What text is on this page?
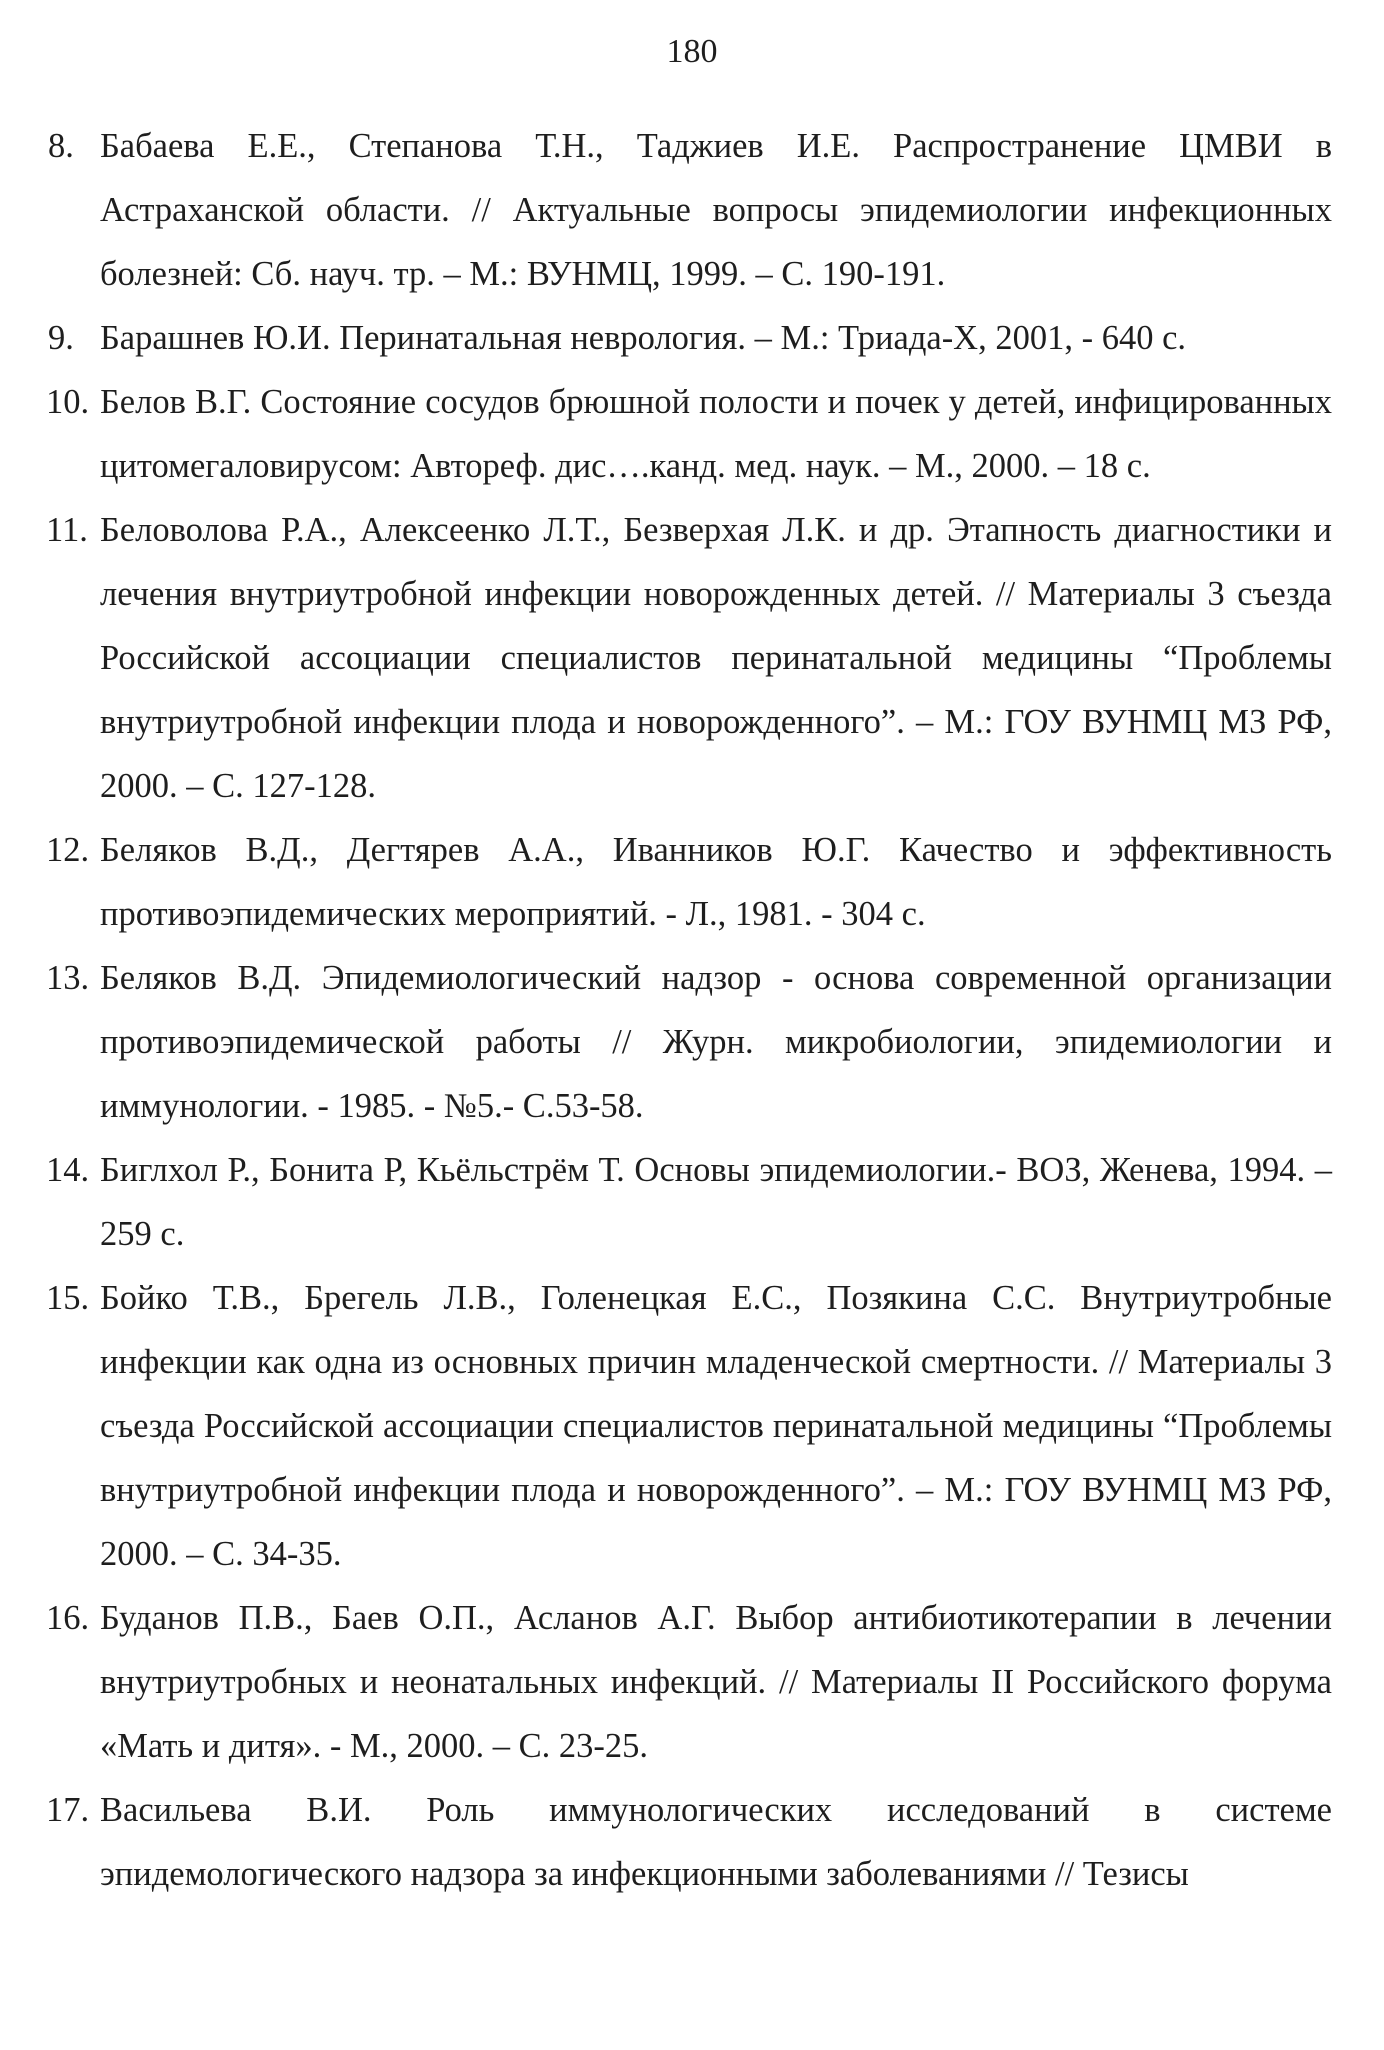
180
8. Бабаева Е.Е., Степанова Т.Н., Таджиев И.Е. Распространение ЦМВИ в Астраханской области. // Актуальные вопросы эпидемиологии инфекционных болезней: Сб. науч. тр. – М.: ВУНМЦ, 1999. – С. 190-191.
9. Барашнев Ю.И. Перинатальная неврология. – М.: Триада-Х, 2001, - 640 с.
10. Белов В.Г. Состояние сосудов брюшной полости и почек у детей, инфицированных цитомегаловирусом: Автореф. дис….канд. мед. наук. – М., 2000. – 18 с.
11. Беловолова Р.А., Алексеенко Л.Т., Безверхая Л.К. и др. Этапность диагностики и лечения внутриутробной инфекции новорожденных детей. // Материалы 3 съезда Российской ассоциации специалистов перинатальной медицины “Проблемы внутриутробной инфекции плода и новорожденного”. – М.: ГОУ ВУНМЦ МЗ РФ, 2000. – С. 127-128.
12. Беляков В.Д., Дегтярев А.А., Иванников Ю.Г. Качество и эффективность противоэпидемических мероприятий. - Л., 1981. - 304 с.
13. Беляков В.Д. Эпидемиологический надзор - основа современной организации противоэпидемической работы // Журн. микробиологии, эпидемиологии и иммунологии. - 1985. - №5.- С.53-58.
14. Биглхол Р., Бонита Р, Кьёльстрём Т. Основы эпидемиологии.- ВОЗ, Женева, 1994. – 259 с.
15. Бойко Т.В., Брегель Л.В., Голенецкая Е.С., Позякина С.С. Внутриутробные инфекции как одна из основных причин младенческой смертности. // Материалы 3 съезда Российской ассоциации специалистов перинатальной медицины “Проблемы внутриутробной инфекции плода и новорожденного”. – М.: ГОУ ВУНМЦ МЗ РФ, 2000. – С. 34-35.
16. Буданов П.В., Баев О.П., Асланов А.Г. Выбор антибиотикотерапии в лечении внутриутробных и неонатальных инфекций. // Материалы II Российского форума «Мать и дитя». - М., 2000. – С. 23-25.
17. Васильева В.И. Роль иммунологических исследований в системе эпидемологического надзора за инфекционными заболеваниями // Тезисы
